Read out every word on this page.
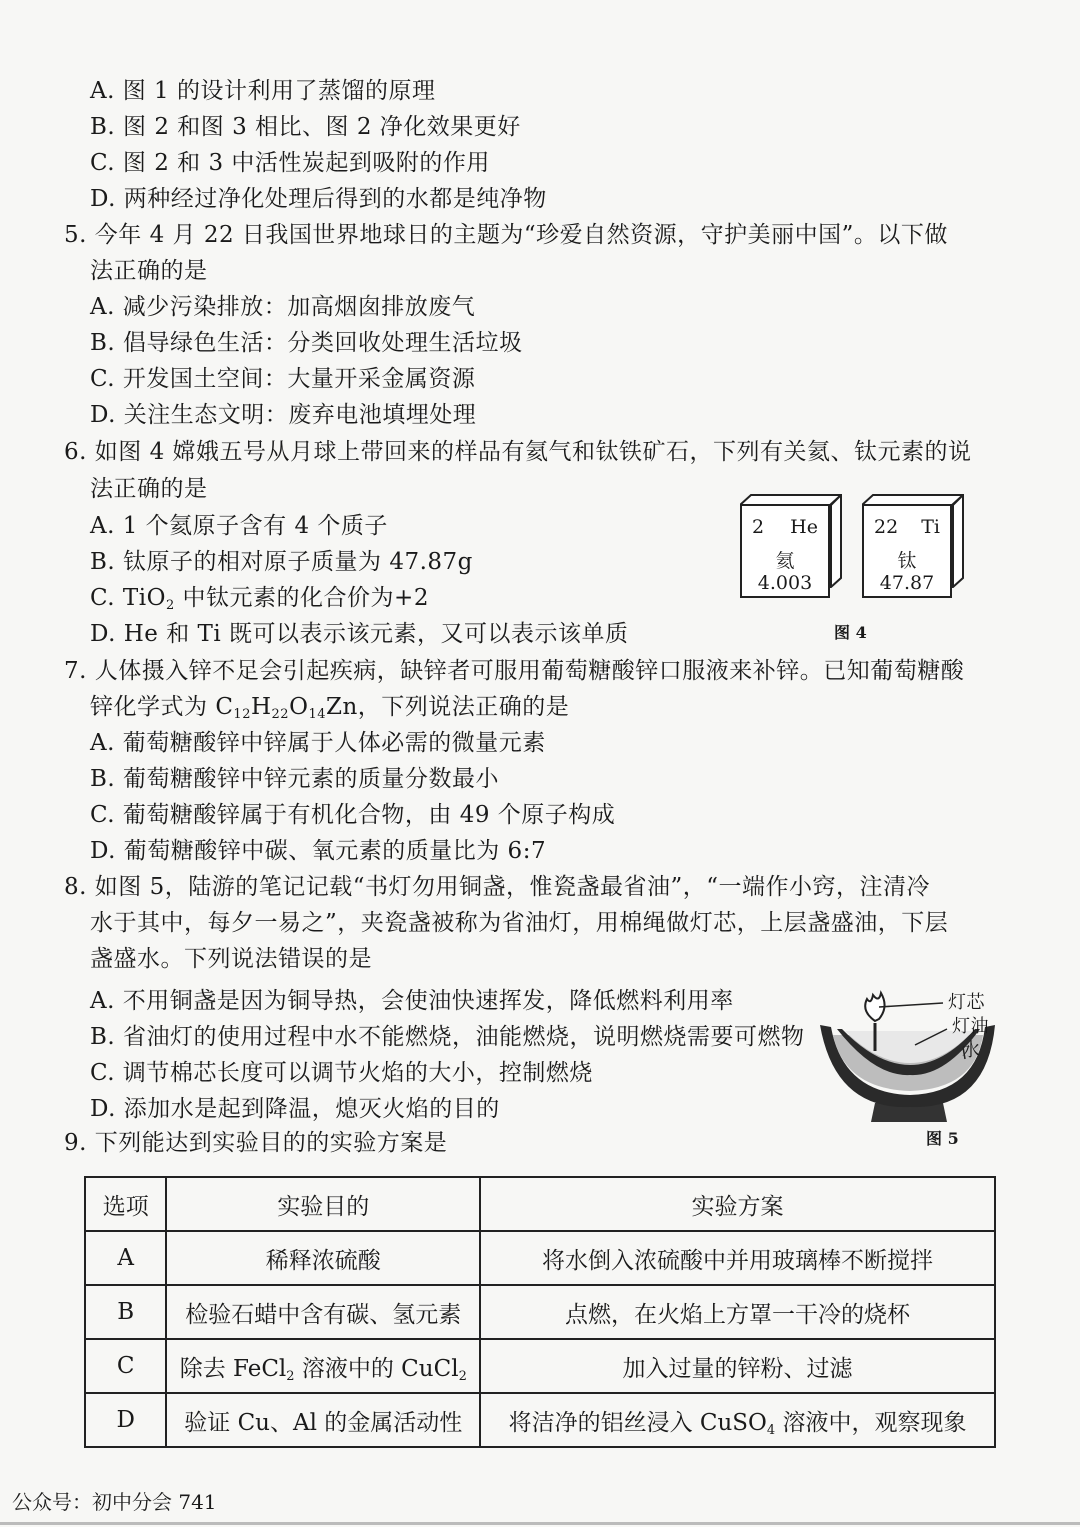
A. 图 1 的设计利用了蒸馏的原理
B. 图 2 和图 3 相比、图 2 净化效果更好
C. 图 2 和 3 中活性炭起到吸附的作用
D. 两种经过净化处理后得到的水都是纯净物
5. 今年 4 月 22 日我国世界地球日的主题为“珍爱自然资源，守护美丽中国”。以下做
法正确的是
A. 减少污染排放：加高烟囱排放废气
B. 倡导绿色生活：分类回收处理生活垃圾
C. 开发国土空间：大量开采金属资源
D. 关注生态文明：废弃电池填埋处理
6. 如图 4 嫦娥五号从月球上带回来的样品有氦气和钛铁矿石，下列有关氦、钛元素的说
法正确的是
A. 1 个氦原子含有 4 个质子
B. 钛原子的相对原子质量为 47.87g
C. TiO$_2$ 中钛元素的化合价为+2
D. He 和 Ti 既可以表示该元素，又可以表示该单质
2 He
氦
4.003
22 Ti
钛
47.87
图 4
7. 人体摄入锌不足会引起疾病，缺锌者可服用葡萄糖酸锌口服液来补锌。已知葡萄糖酸
锌化学式为 $C_{12}H_{22}O_{14}Zn$，下列说法正确的是
A. 葡萄糖酸锌中锌属于人体必需的微量元素
B. 葡萄糖酸锌中锌元素的质量分数最小
C. 葡萄糖酸锌属于有机化合物，由 49 个原子构成
D. 葡萄糖酸锌中碳、氧元素的质量比为 6:7
8. 如图 5，陆游的笔记记载“书灯勿用铜盏，惟瓷盏最省油”，“一端作小窍，注清冷
水于其中，每夕一易之”，夹瓷盏被称为省油灯，用棉绳做灯芯，上层盏盛油，下层
盏盛水。下列说法错误的是
A. 不用铜盏是因为铜导热，会使油快速挥发，降低燃料利用率
B. 省油灯的使用过程中水不能燃烧，油能燃烧，说明燃烧需要可燃物
C. 调节棉芯长度可以调节火焰的大小，控制燃烧
D. 添加水是起到降温，熄灭火焰的目的
灯芯
灯油
水
图 5
9. 下列能达到实验目的的实验方案是
选项	实验目的	实验方案
A	稀释浓硫酸	将水倒入浓硫酸中并用玻璃棒不断搅拌
B	检验石蜡中含有碳、氢元素	点燃，在火焰上方罩一干冷的烧杯
C	除去 FeCl$_2$ 溶液中的 CuCl$_2$	加入过量的锌粉、过滤
D	验证 Cu、Al 的金属活动性	将洁净的铝丝浸入 CuSO$_4$ 溶液中，观察现象
公众号：初中分会 741
